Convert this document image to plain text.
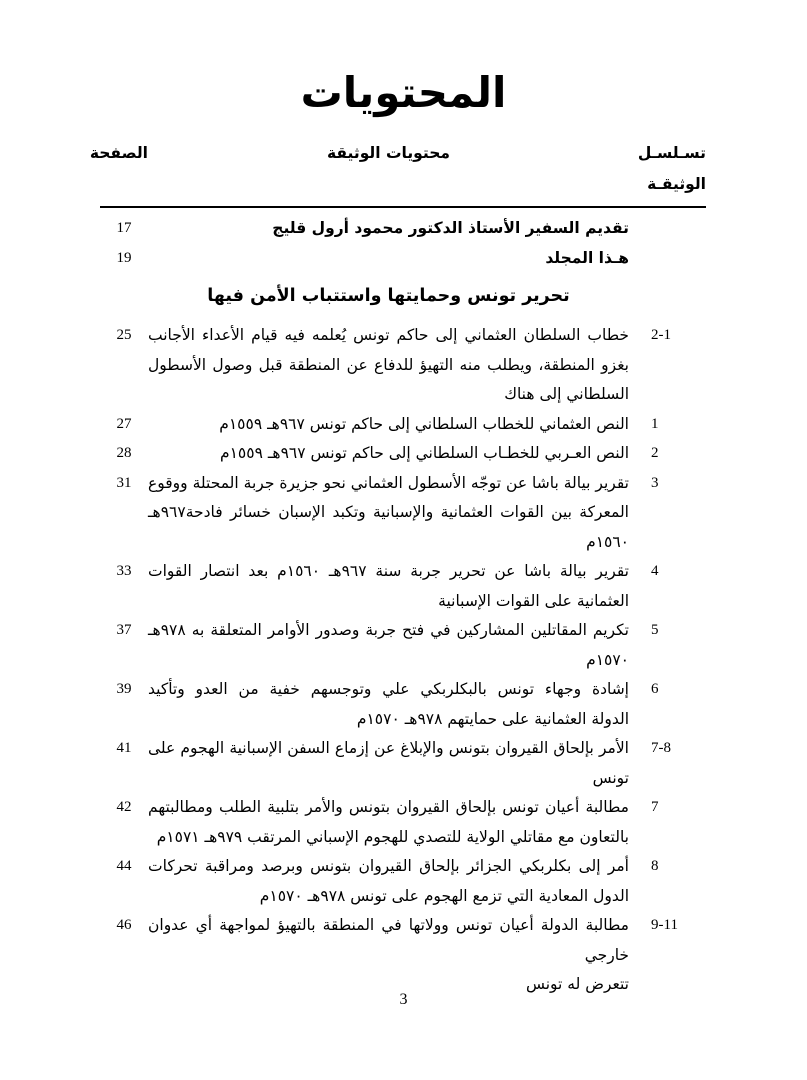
المحتويات
تسـلسـل
الوثيقـة
محتويات الوثيقة
الصفحة
تقديم السفير الأستاذ الدكتور محمود أرول قليج
17
هـذا المجلد
19
تحرير تونس وحمايتها واستتباب الأمن فيها
2-1
خطاب السلطان العثماني إلى حاكم تونس يُعلمه فيه قيام الأعداء الأجانب
بغزو المنطقة، ويطلب منه التهيؤ للدفاع عن المنطقة قبل وصول الأسطول
السلطاني إلى هناك
25
1
النص العثماني للخطاب السلطاني إلى حاكم تونس ٩٦٧هـ ١٥٥٩م
27
2
النص العـربي للخطـاب السلطاني إلى حاكم تونس ٩٦٧هـ ١٥٥٩م
28
3
تقرير بيالة باشا عن توجّه الأسطول العثماني نحو جزيرة جربة المحتلة ووقوع
المعركة بين القوات العثمانية والإسبانية وتكبد الإسبان خسائر فادحة٩٦٧هـ
١٥٦٠م
31
4
تقرير بيالة باشا عن تحرير جربة سنة ٩٦٧هـ ١٥٦٠م بعد انتصار القوات
العثمانية على القوات الإسبانية
33
5
تكريم المقاتلين المشاركين في فتح جربة وصدور الأوامر المتعلقة به ٩٧٨هـ
١٥٧٠م
37
6
إشادة وجهاء تونس بالبكلربكي علي وتوجسهم خفية من العدو وتأكيد
الدولة العثمانية على حمايتهم ٩٧٨هـ ١٥٧٠م
39
7-8
الأمر بإلحاق القيروان بتونس والإبلاغ عن إزماع السفن الإسبانية الهجوم على
تونس
41
7
مطالبة أعيان تونس بإلحاق القيروان بتونس والأمر بتلبية الطلب ومطالبتهم
بالتعاون مع مقاتلي الولاية للتصدي للهجوم الإسباني المرتقب ٩٧٩هـ ١٥٧١م
42
8
أمر إلى بكلربكي الجزائر بإلحاق القيروان بتونس وبرصد ومراقبة تحركات
الدول المعادية التي تزمع الهجوم على تونس ٩٧٨هـ ١٥٧٠م
44
9-11
مطالبة الدولة أعيان تونس وولاتها في المنطقة بالتهيؤ لمواجهة أي عدوان خارجي
تتعرض له تونس
46
3
